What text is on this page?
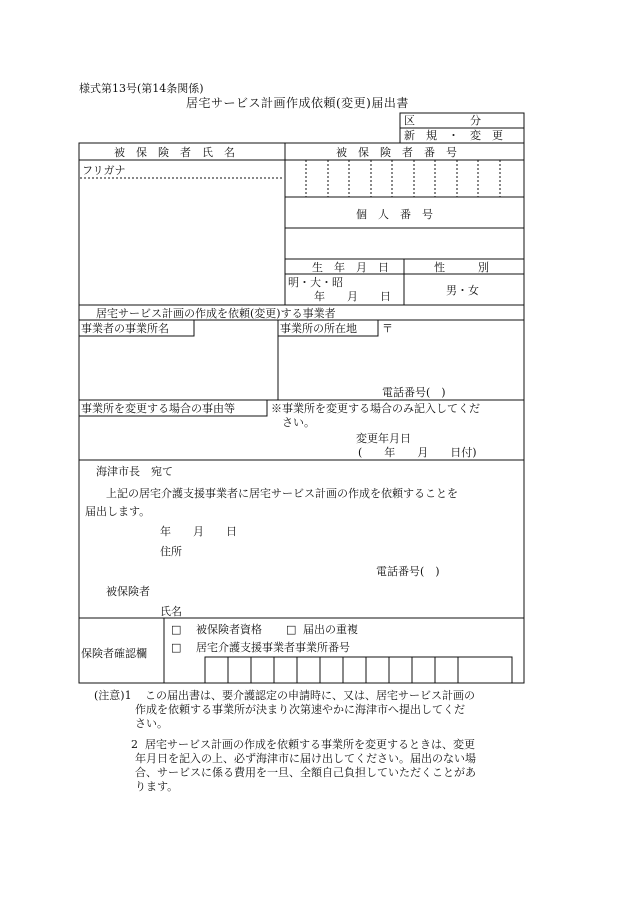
様式第13号(第14条関係)
居宅サービス計画作成依頼(変更)届出書
区　　　　　分
新　規　・　変　更
被　保　険　者　氏　名	被　保　険　者　番　号
フリガナ
個　人　番　号
生　年　月　日	性　　　別
明・大・昭
年　　月　　日	男・女
居宅サービス計画の作成を依頼(変更)する事業者
事業者の事業所名	事業所の所在地 〒
電話番号(　)
事業所を変更する場合の事由等	※事業所を変更する場合のみ記入してくだ
さい。
変更年月日
(　　年　　月　　日付)
海津市長　宛て
上記の居宅介護支援事業者に居宅サービス計画の作成を依頼することを
届出します。
年　　月　　日
住所
電話番号(　)
被保険者
氏名
保険者確認欄
□ 被保険者資格 □ 届出の重複
□ 居宅介護支援事業者事業所番号
(注意)1 この届出書は、要介護認定の申請時に、又は、居宅サービス計画の
作成を依頼する事業所が決まり次第速やかに海津市へ提出してくだ
さい。
2 居宅サービス計画の作成を依頼する事業所を変更するときは、変更
年月日を記入の上、必ず海津市に届け出してください。届出のない場
合、サービスに係る費用を一旦、全額自己負担していただくことがあ
ります。
